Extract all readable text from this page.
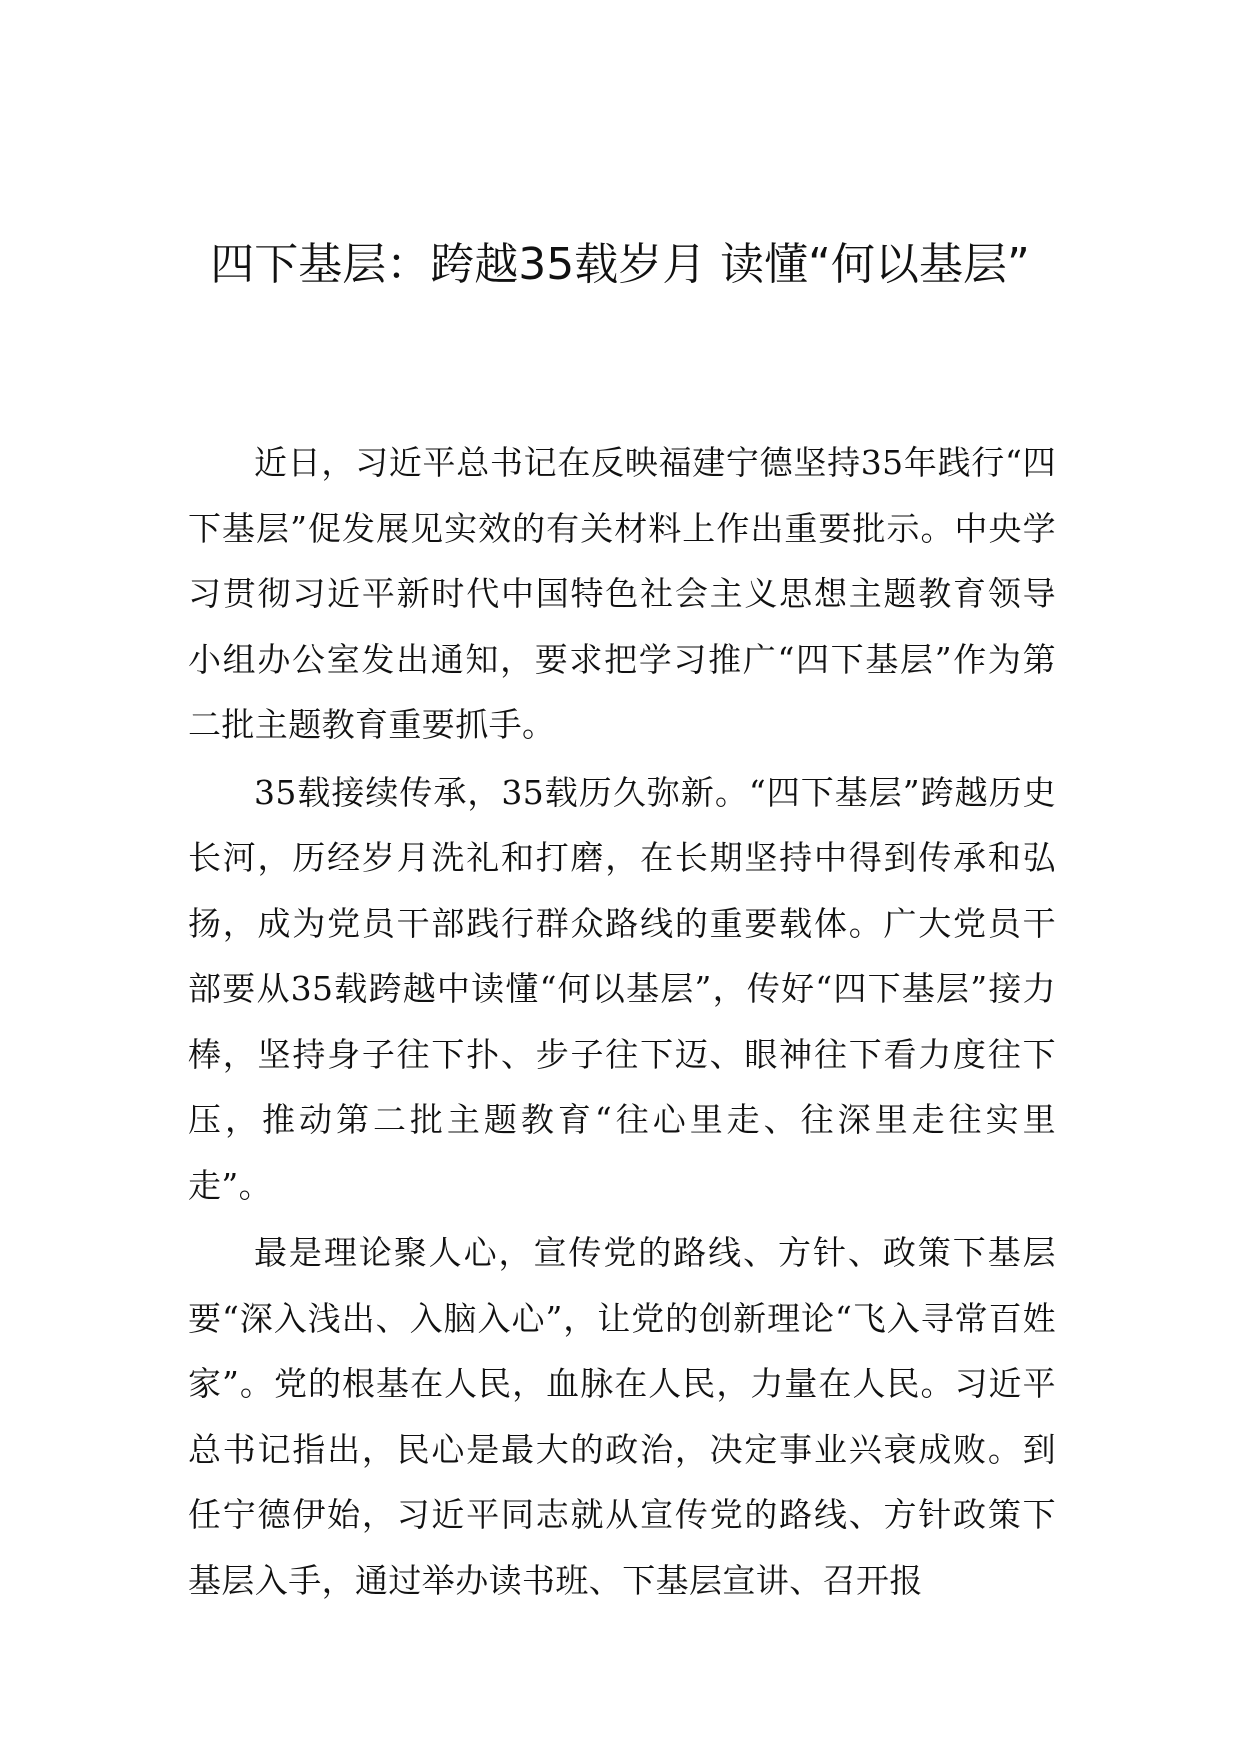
四下基层：跨越35载岁月 读懂“何以基层”

近日，习近平总书记在反映福建宁德坚持35年践行“四下基层”促发展见实效的有关材料上作出重要批示。中央学习贯彻习近平新时代中国特色社会主义思想主题教育领导小组办公室发出通知，要求把学习推广“四下基层”作为第二批主题教育重要抓手。

35载接续传承，35载历久弥新。“四下基层”跨越历史长河，历经岁月洗礼和打磨，在长期坚持中得到传承和弘扬，成为党员干部践行群众路线的重要载体。广大党员干部要从35载跨越中读懂“何以基层”，传好“四下基层”接力棒，坚持身子往下扑、步子往下迈、眼神往下看力度往下压，推动第二批主题教育“往心里走、往深里走往实里走”。

最是理论聚人心，宣传党的路线、方针、政策下基层要“深入浅出、入脑入心”，让党的创新理论“飞入寻常百姓家”。党的根基在人民，血脉在人民，力量在人民。习近平总书记指出，民心是最大的政治，决定事业兴衰成败。到任宁德伊始，习近平同志就从宣传党的路线、方针政策下基层入手，通过举办读书班、下基层宣讲、召开报
